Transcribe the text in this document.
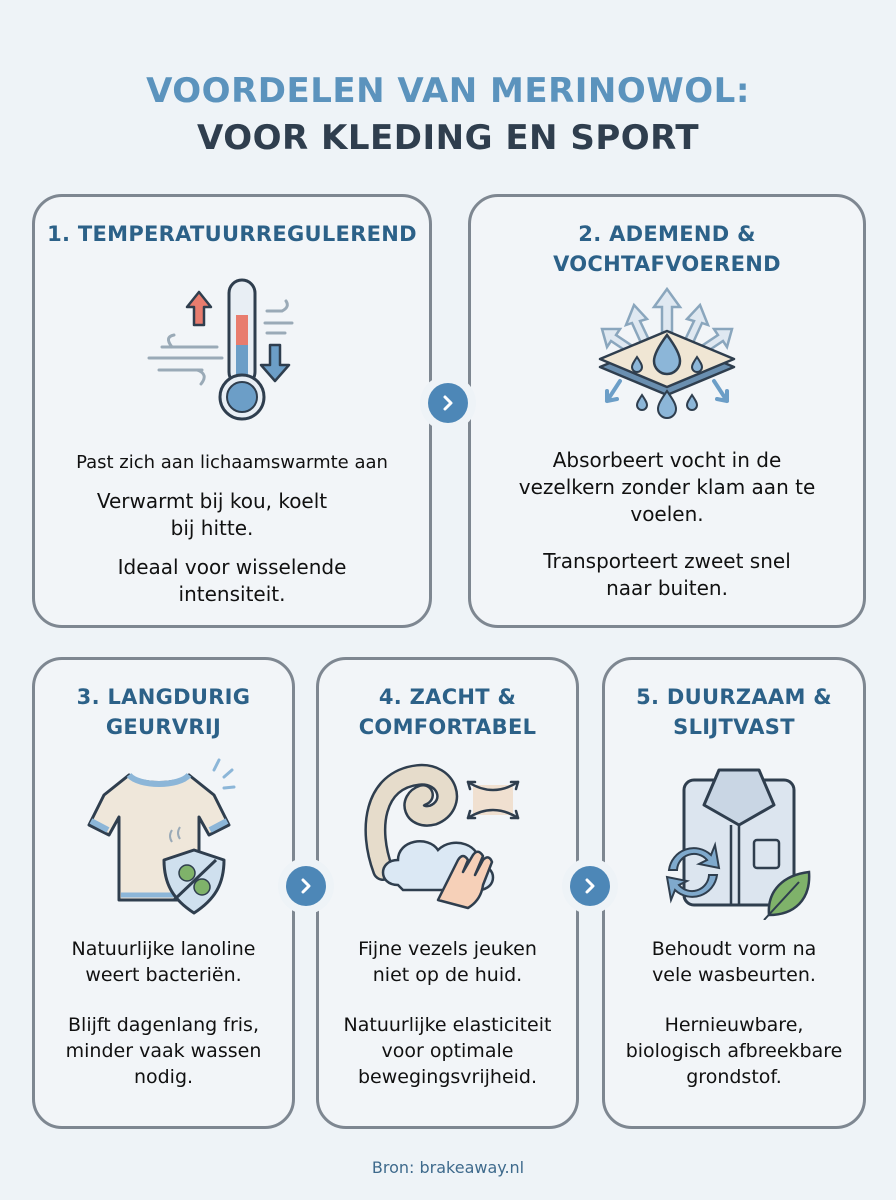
VOORDELEN VAN MERINOWOL:
VOOR KLEDING EN SPORT
1. TEMPERATUURREGULEREND

Past zich aan lichaamswarmte aan

Verwarmt bij kou, koelt bij hitte.

Ideaal voor wisselende intensiteit.

2. ADEMEND &
VOCHTAFVOEREND

Absorbeert vocht in de vezelkern zonder klam aan te voelen.

Transporteert zweet snel naar buiten.

3. LANGDURIG
GEURVRIJ

Natuurlijke lanoline weert bacteriën.

Blijft dagenlang fris, minder vaak wassen nodig.

4. ZACHT &
COMFORTABEL

Fijne vezels jeuken niet op de huid.

Natuurlijke elasticiteit voor optimale bewegingsvrijheid.

5. DUURZAAM &
SLIJTVAST

Behoudt vorm na vele wasbeurten.

Hernieuwbare, biologisch afbreekbare grondstof.

Bron: brakeaway.nl
